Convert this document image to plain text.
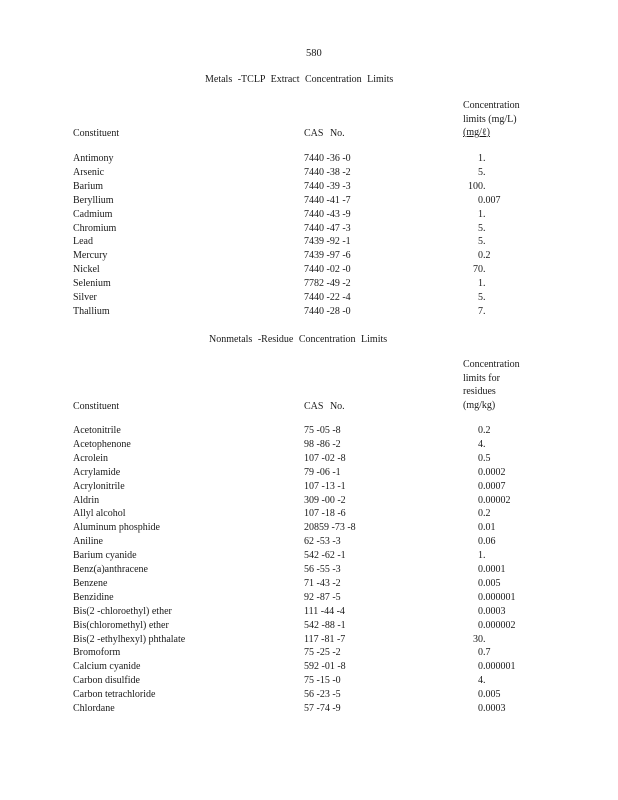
580
Metals -TCLP Extract Concentration Limits
Concentration
limits (mg/L)
(mg/ℓ)
Constituent	CAS No.
Antimony	7440 -36 -0	1.
Arsenic	7440 -38 -2	5.
Barium	7440 -39 -3	100.
Beryllium	7440 -41 -7	0.007
Cadmium	7440 -43 -9	1.
Chromium	7440 -47 -3	5.
Lead	7439 -92 -1	5.
Mercury	7439 -97 -6	0.2
Nickel	7440 -02 -0	70.
Selenium	7782 -49 -2	1.
Silver	7440 -22 -4	5.
Thallium	7440 -28 -0	7.
Nonmetals -Residue Concentration Limits
Concentration
limits for
residues
(mg/kg)
Constituent	CAS No.
Acetonitrile	75 -05 -8	0.2
Acetophenone	98 -86 -2	4.
Acrolein	107 -02 -8	0.5
Acrylamide	79 -06 -1	0.0002
Acrylonitrile	107 -13 -1	0.0007
Aldrin	309 -00 -2	0.00002
Allyl alcohol	107 -18 -6	0.2
Aluminum phosphide	20859 -73 -8	0.01
Aniline	62 -53 -3	0.06
Barium cyanide	542 -62 -1	1.
Benz(a)anthracene	56 -55 -3	0.0001
Benzene	71 -43 -2	0.005
Benzidine	92 -87 -5	0.000001
Bis(2 -chloroethyl) ether	111 -44 -4	0.0003
Bis(chloromethyl) ether	542 -88 -1	0.000002
Bis(2 -ethylhexyl) phthalate	117 -81 -7	30.
Bromoform	75 -25 -2	0.7
Calcium cyanide	592 -01 -8	0.000001
Carbon disulfide	75 -15 -0	4.
Carbon tetrachloride	56 -23 -5	0.005
Chlordane	57 -74 -9	0.0003
